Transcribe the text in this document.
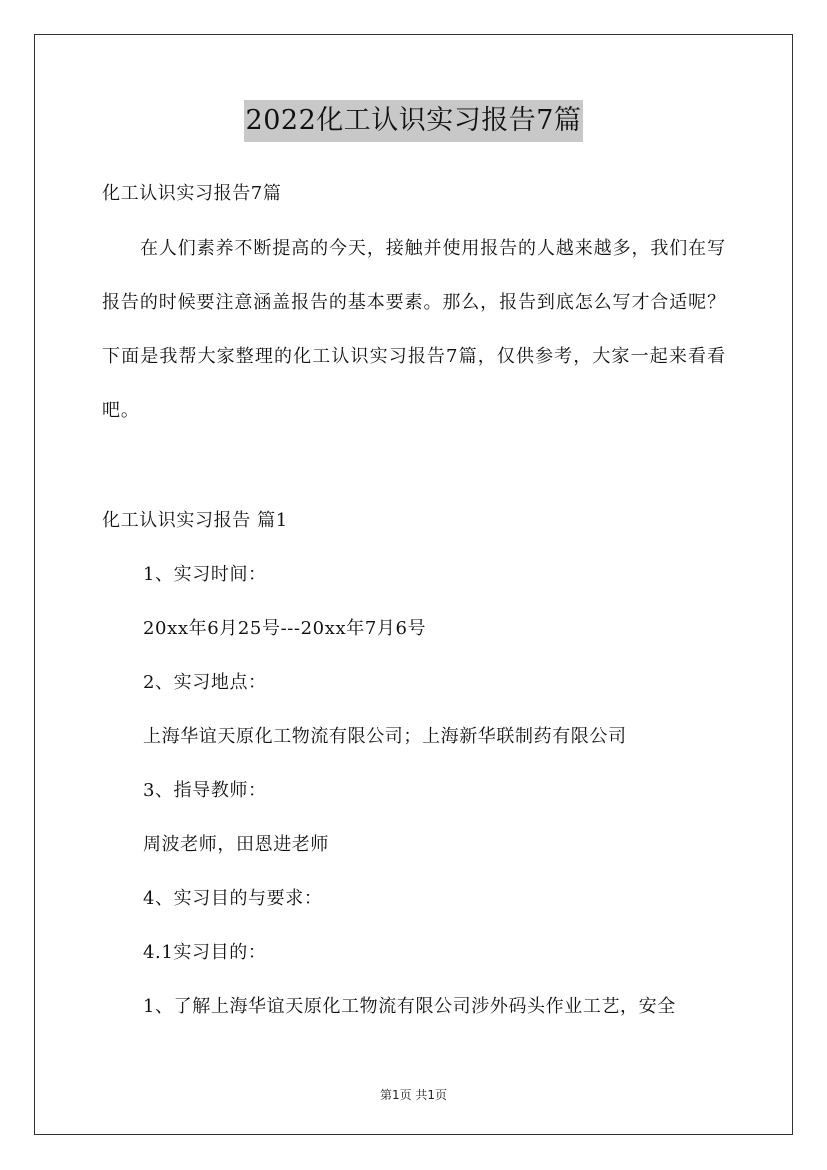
2022化工认识实习报告7篇
化工认识实习报告7篇
在人们素养不断提高的今天，接触并使用报告的人越来越多，我们在写报告的时候要注意涵盖报告的基本要素。那么，报告到底怎么写才合适呢？下面是我帮大家整理的化工认识实习报告7篇，仅供参考，大家一起来看看吧。
化工认识实习报告 篇1
1、实习时间：
20xx年6月25号---20xx年7月6号
2、实习地点：
上海华谊天原化工物流有限公司；上海新华联制药有限公司
3、指导教师：
周波老师，田恩进老师
4、实习目的与要求：
4.1实习目的：
1、了解上海华谊天原化工物流有限公司涉外码头作业工艺，安全
第1页 共1页
